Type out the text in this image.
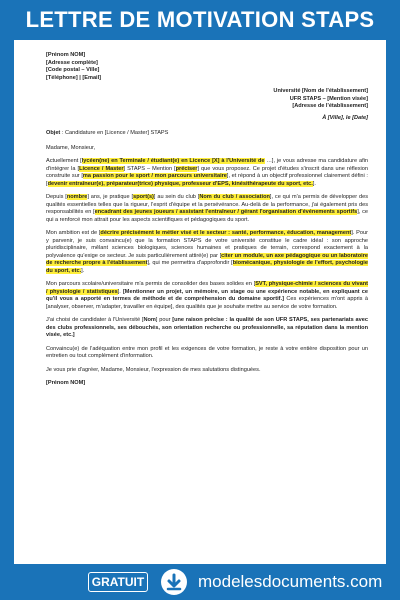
LETTRE DE MOTIVATION STAPS
[Prénom NOM]
[Adresse complète]
[Code postal – Ville]
[Téléphone] | [Email]
Université [Nom de l'établissement]
UFR STAPS – [Mention visée]
[Adresse de l'établissement]
À [Ville], le [Date]
Objet : Candidature en [Licence / Master] STAPS
Madame, Monsieur,
Actuellement [lycéen(ne) en Terminale / étudiant(e) en Licence [X] à l'Université de …], je vous adresse ma candidature afin d'intégrer la [Licence / Master] STAPS – Mention [préciser] que vous proposez. Ce projet d'études s'inscrit dans une réflexion construite sur [ma passion pour le sport / mon parcours universitaire], et répond à un objectif professionnel clairement défini : [devenir entraîneur(e), préparateur(trice) physique, professeur d'EPS, kinésithérapeute du sport, etc.].
Depuis [nombre] ans, je pratique [sport(s)] au sein du club [Nom du club / association], ce qui m'a permis de développer des qualités essentielles telles que la rigueur, l'esprit d'équipe et la persévérance. Au-delà de la performance, j'ai également pris des responsabilités en [encadrant des jeunes joueurs / assistant l'entraîneur / gérant l'organisation d'événements sportifs], ce qui a renforcé mon attrait pour les aspects scientifiques et pédagogiques du sport.
Mon ambition est de [décrire précisément le métier visé et le secteur : santé, performance, éducation, management]. Pour y parvenir, je suis convaincu(e) que la formation STAPS de votre université constitue le cadre idéal : son approche pluridisciplinaire, mêlant sciences biologiques, sciences humaines et pratiques de terrain, correspond exactement à la polyvalence qu'exige ce secteur. Je suis particulièrement attiré(e) par [citer un module, un axe pédagogique ou un laboratoire de recherche propre à l'établissement], qui me permettra d'approfondir [biomécanique, physiologie de l'effort, psychologie du sport, etc.].
Mon parcours scolaire/universitaire m'a permis de consolider des bases solides en [SVT, physique-chimie / sciences du vivant / physiologie / statistiques]. [Mentionner un projet, un mémoire, un stage ou une expérience notable, en expliquant ce qu'il vous a apporté en termes de méthode et de compréhension du domaine sportif.] Ces expériences m'ont appris à [analyser, observer, m'adapter, travailler en équipe], des qualités que je souhaite mettre au service de votre formation.
J'ai choisi de candidater à l'Université [Nom] pour [une raison précise : la qualité de son UFR STAPS, ses partenariats avec des clubs professionnels, ses débouchés, son orientation recherche ou professionnelle, sa réputation dans la mention visée, etc.]
Convaincu(e) de l'adéquation entre mon profil et les exigences de votre formation, je reste à votre entière disposition pour un entretien ou tout complément d'information.
Je vous prie d'agréer, Madame, Monsieur, l'expression de mes salutations distinguées.
[Prénom NOM]
GRATUIT	modelesdocuments.com
